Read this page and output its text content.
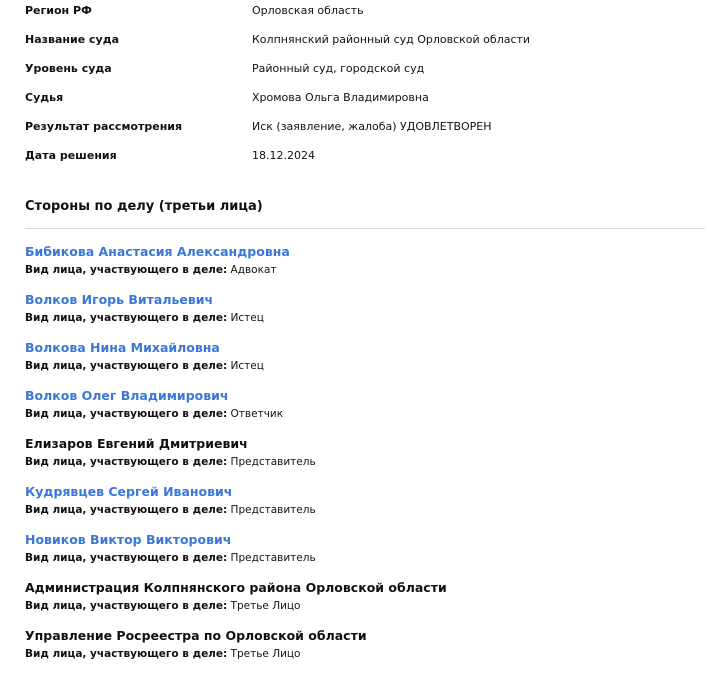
Регион РФ	Орловская область
Название суда	Колпнянский районный суд Орловской области
Уровень суда	Районный суд, городской суд
Судья	Хромова Ольга Владимировна
Результат рассмотрения	Иск (заявление, жалоба) УДОВЛЕТВОРЕН
Дата решения	18.12.2024
Стороны по делу (третьи лица)
Бибикова Анастасия Александровна
Вид лица, участвующего в деле: Адвокат
Волков Игорь Витальевич
Вид лица, участвующего в деле: Истец
Волкова Нина Михайловна
Вид лица, участвующего в деле: Истец
Волков Олег Владимирович
Вид лица, участвующего в деле: Ответчик
Елизаров Евгений Дмитриевич
Вид лица, участвующего в деле: Представитель
Кудрявцев Сергей Иванович
Вид лица, участвующего в деле: Представитель
Новиков Виктор Викторович
Вид лица, участвующего в деле: Представитель
Администрация Колпнянского района Орловской области
Вид лица, участвующего в деле: Третье Лицо
Управление Росреестра по Орловской области
Вид лица, участвующего в деле: Третье Лицо
